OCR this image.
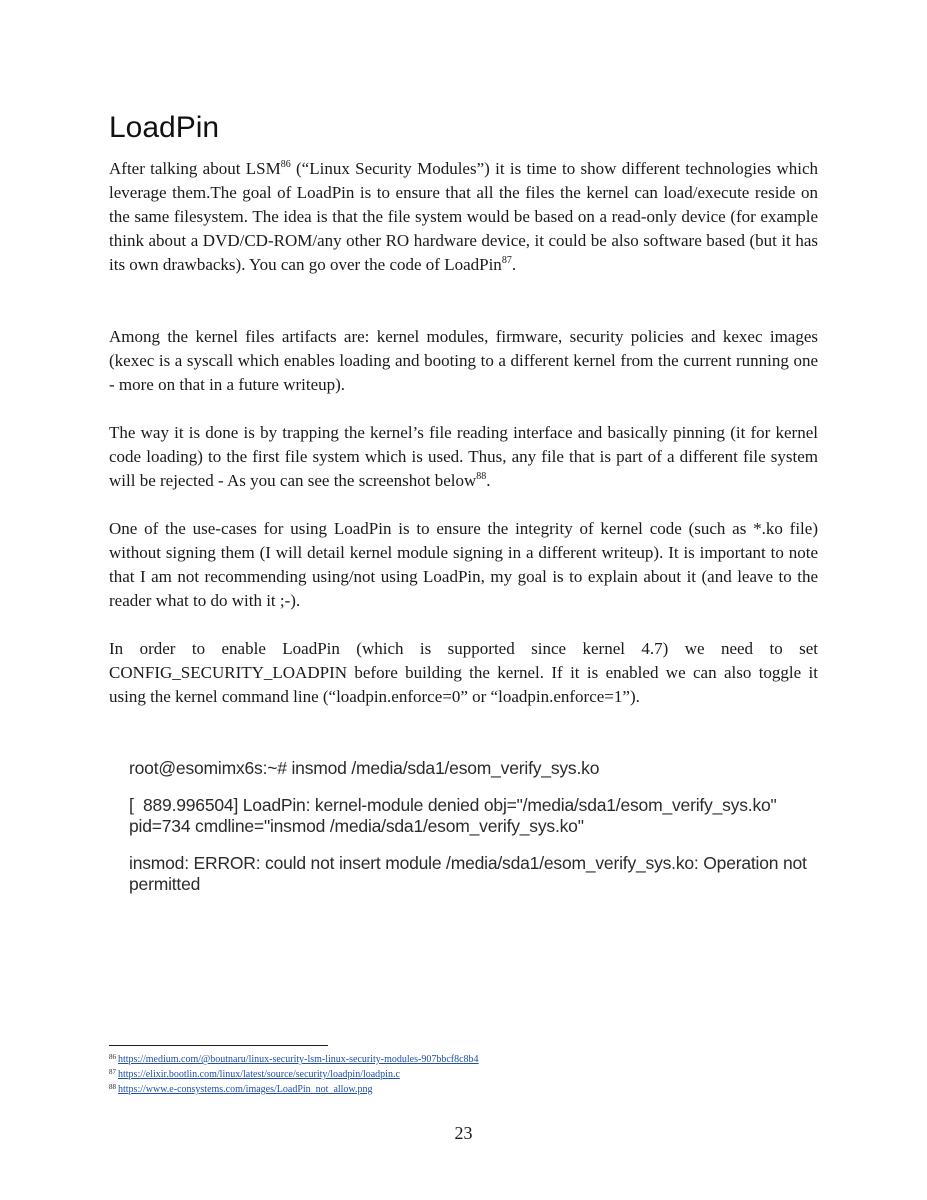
LoadPin

After talking about LSM$^{86}$ (“Linux Security Modules”) it is time to show different technologies which leverage them.The goal of LoadPin is to ensure that all the files the kernel can load/execute reside on the same filesystem. The idea is that the file system would be based on a read-only device (for example think about a DVD/CD-ROM/any other RO hardware device, it could be also software based (but it has its own drawbacks). You can go over the code of LoadPin$^{87}$.

Among the kernel files artifacts are: kernel modules, firmware, security policies and kexec images (kexec is a syscall which enables loading and booting to a different kernel from the current running one - more on that in a future writeup).

The way it is done is by trapping the kernel’s file reading interface and basically pinning (it for kernel code loading) to the first file system which is used. Thus, any file that is part of a different file system will be rejected - As you can see the screenshot below$^{88}$.

One of the use-cases for using LoadPin is to ensure the integrity of kernel code (such as *.ko file) without signing them (I will detail kernel module signing in a different writeup). It is important to note that I am not recommending using/not using LoadPin, my goal is to explain about it (and leave to the reader what to do with it ;-).

In order to enable LoadPin (which is supported since kernel 4.7) we need to set CONFIG_SECURITY_LOADPIN before building the kernel. If it is enabled we can also toggle it using the kernel command line (“loadpin.enforce=0” or “loadpin.enforce=1”).

root@esomimx6s:~# insmod /media/sda1/esom_verify_sys.ko

[  889.996504] LoadPin: kernel-module denied obj="/media/sda1/esom_verify_sys.ko" pid=734 cmdline="insmod /media/sda1/esom_verify_sys.ko"

insmod: ERROR: could not insert module /media/sda1/esom_verify_sys.ko: Operation not permitted

$^{86}$ https://medium.com/@boutnaru/linux-security-lsm-linux-security-modules-907bbcf8c8b4
$^{87}$ https://elixir.bootlin.com/linux/latest/source/security/loadpin/loadpin.c
$^{88}$ https://www.e-consystems.com/images/LoadPin_not_allow.png
23
